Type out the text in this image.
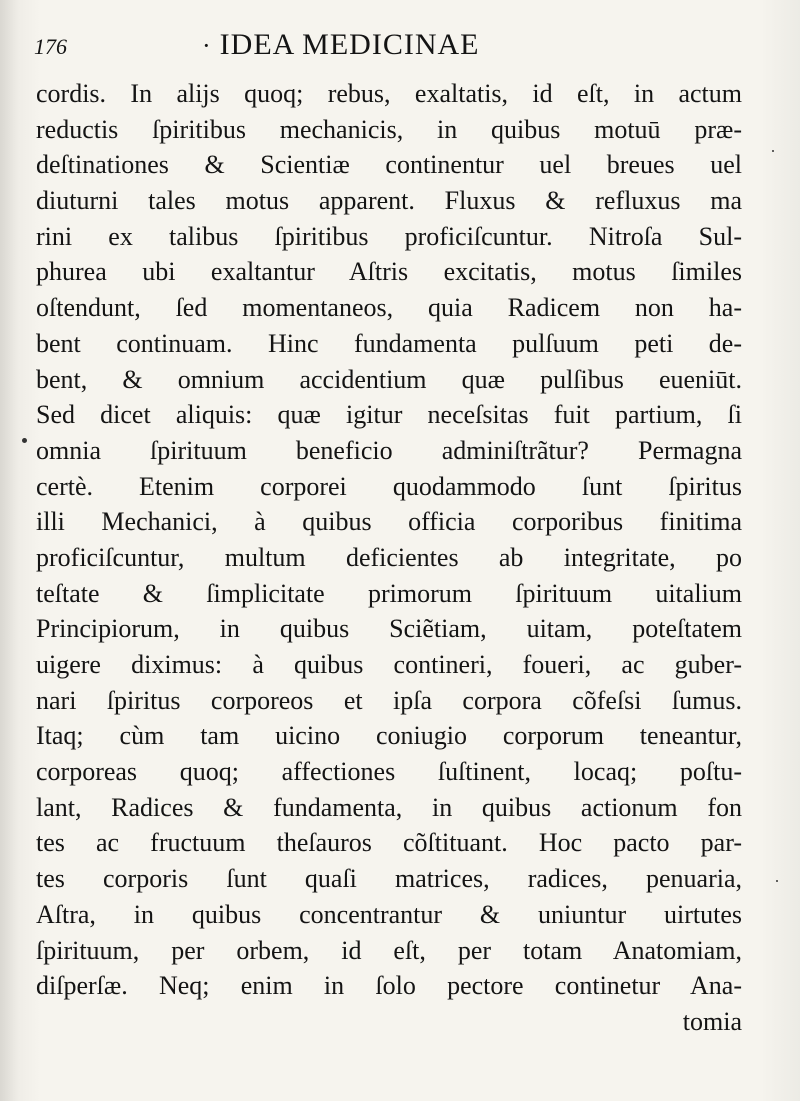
176	· IDEA MEDICINAE
cordis. In alijs quoq; rebus, exaltatis, id eſt, in actum
reductis ſpiritibus mechanicis, in quibus motuū præ-
deſtinationes & Scientiæ continentur uel breues uel
diuturni tales motus apparent. Fluxus & refluxus ma
rini ex talibus ſpiritibus proficiſcuntur. Nitroſa Sul-
phurea ubi exaltantur Aſtris excitatis, motus ſimiles
oſtendunt, ſed momentaneos, quia Radicem non ha-
bent continuam. Hinc fundamenta pulſuum peti de-
bent, & omnium accidentium quæ pulſibus eueniūt.
Sed dicet aliquis: quæ igitur neceſsitas fuit partium, ſi
omnia ſpirituum beneficio adminiſtrãtur? Permagna
certè. Etenim corporei quodammodo ſunt ſpiritus
illi Mechanici, à quibus officia corporibus finitima
proficiſcuntur, multum deficientes ab integritate, po
teſtate & ſimplicitate primorum ſpirituum uitalium
Principiorum, in quibus Sciẽtiam, uitam, poteſtatem
uigere diximus: à quibus contineri, foueri, ac guber-
nari ſpiritus corporeos et ipſa corpora cõfeſsi ſumus.
Itaq; cùm tam uicino coniugio corporum teneantur,
corporeas quoq; affectiones ſuſtinent, locaq; poſtu-
lant, Radices & fundamenta, in quibus actionum fon
tes ac fructuum theſauros cõſtituant. Hoc pacto par-
tes corporis ſunt quaſi matrices, radices, penuaria,
Aſtra, in quibus concentrantur & uniuntur uirtutes
ſpirituum, per orbem, id eſt, per totam Anatomiam,
diſperſæ. Neq; enim in ſolo pectore continetur Ana-
tomia
